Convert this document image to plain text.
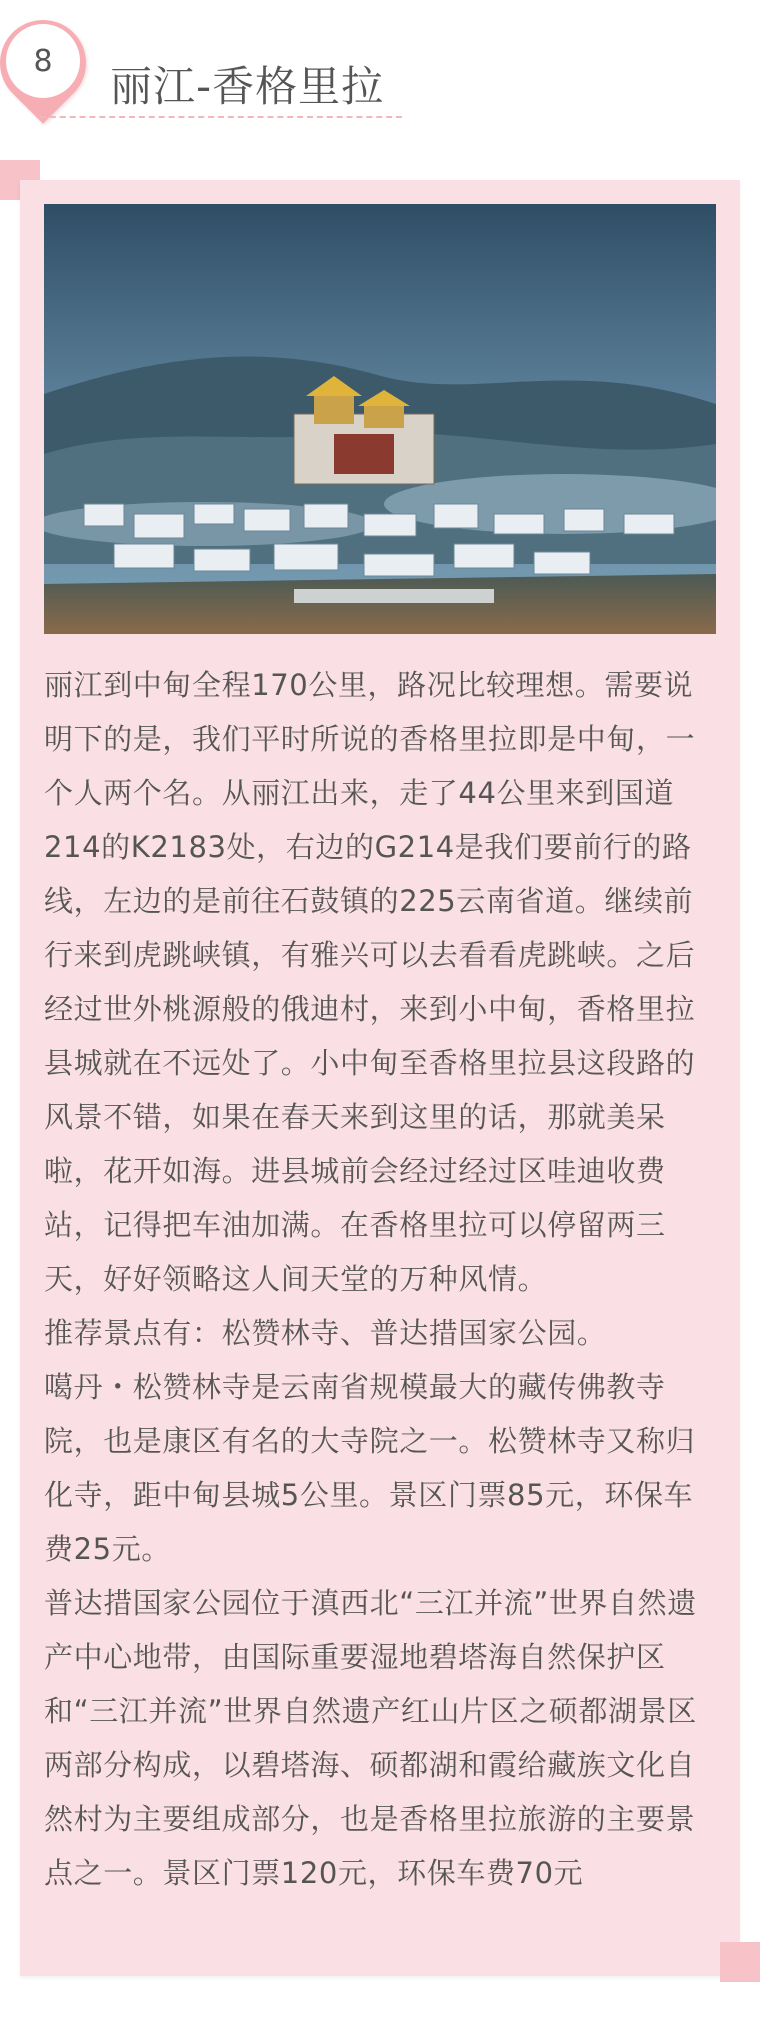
8
丽江-香格里拉

丽江到中甸全程170公里，路况比较理想。需要说明下的是，我们平时所说的香格里拉即是中甸，一个人两个名。从丽江出来，走了44公里来到国道214的K2183处，右边的G214是我们要前行的路线，左边的是前往石鼓镇的225云南省道。继续前行来到虎跳峡镇，有雅兴可以去看看虎跳峡。之后经过世外桃源般的俄迪村，来到小中甸，香格里拉县城就在不远处了。小中甸至香格里拉县这段路的风景不错，如果在春天来到这里的话，那就美呆啦，花开如海。进县城前会经过经过区哇迪收费站，记得把车油加满。在香格里拉可以停留两三天，好好领略这人间天堂的万种风情。

推荐景点有：松赞林寺、普达措国家公园。

噶丹・松赞林寺是云南省规模最大的藏传佛教寺院，也是康区有名的大寺院之一。松赞林寺又称归化寺，距中甸县城5公里。景区门票85元，环保车费25元。

普达措国家公园位于滇西北“三江并流”世界自然遗产中心地带，由国际重要湿地碧塔海自然保护区和“三江并流”世界自然遗产红山片区之硕都湖景区两部分构成，以碧塔海、硕都湖和霞给藏族文化自然村为主要组成部分，也是香格里拉旅游的主要景点之一。景区门票120元，环保车费70元
